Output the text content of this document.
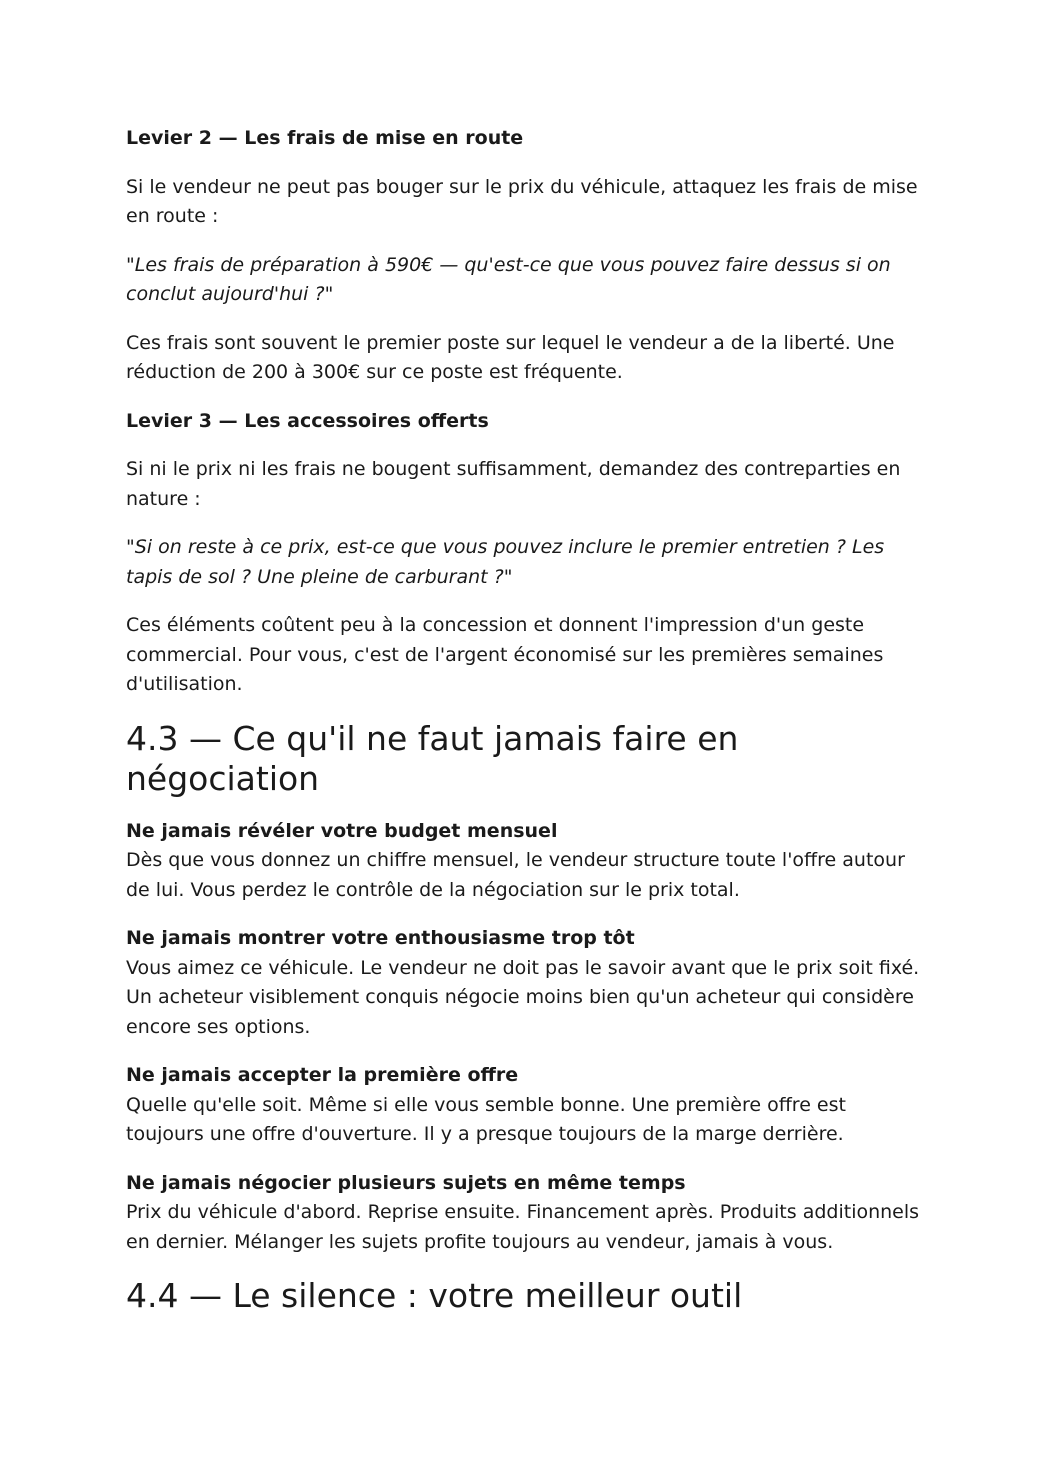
Levier 2 — Les frais de mise en route

Si le vendeur ne peut pas bouger sur le prix du véhicule, attaquez les frais de mise en route :

"Les frais de préparation à 590€ — qu'est-ce que vous pouvez faire dessus si on conclut aujourd'hui ?"

Ces frais sont souvent le premier poste sur lequel le vendeur a de la liberté. Une réduction de 200 à 300€ sur ce poste est fréquente.

Levier 3 — Les accessoires offerts

Si ni le prix ni les frais ne bougent suffisamment, demandez des contreparties en nature :

"Si on reste à ce prix, est-ce que vous pouvez inclure le premier entretien ? Les tapis de sol ? Une pleine de carburant ?"

Ces éléments coûtent peu à la concession et donnent l'impression d'un geste commercial. Pour vous, c'est de l'argent économisé sur les premières semaines d'utilisation.

4.3 — Ce qu'il ne faut jamais faire en négociation

Ne jamais révéler votre budget mensuel
Dès que vous donnez un chiffre mensuel, le vendeur structure toute l'offre autour de lui. Vous perdez le contrôle de la négociation sur le prix total.

Ne jamais montrer votre enthousiasme trop tôt
Vous aimez ce véhicule. Le vendeur ne doit pas le savoir avant que le prix soit fixé. Un acheteur visiblement conquis négocie moins bien qu'un acheteur qui considère encore ses options.

Ne jamais accepter la première offre
Quelle qu'elle soit. Même si elle vous semble bonne. Une première offre est toujours une offre d'ouverture. Il y a presque toujours de la marge derrière.

Ne jamais négocier plusieurs sujets en même temps
Prix du véhicule d'abord. Reprise ensuite. Financement après. Produits additionnels en dernier. Mélanger les sujets profite toujours au vendeur, jamais à vous.

4.4 — Le silence : votre meilleur outil
